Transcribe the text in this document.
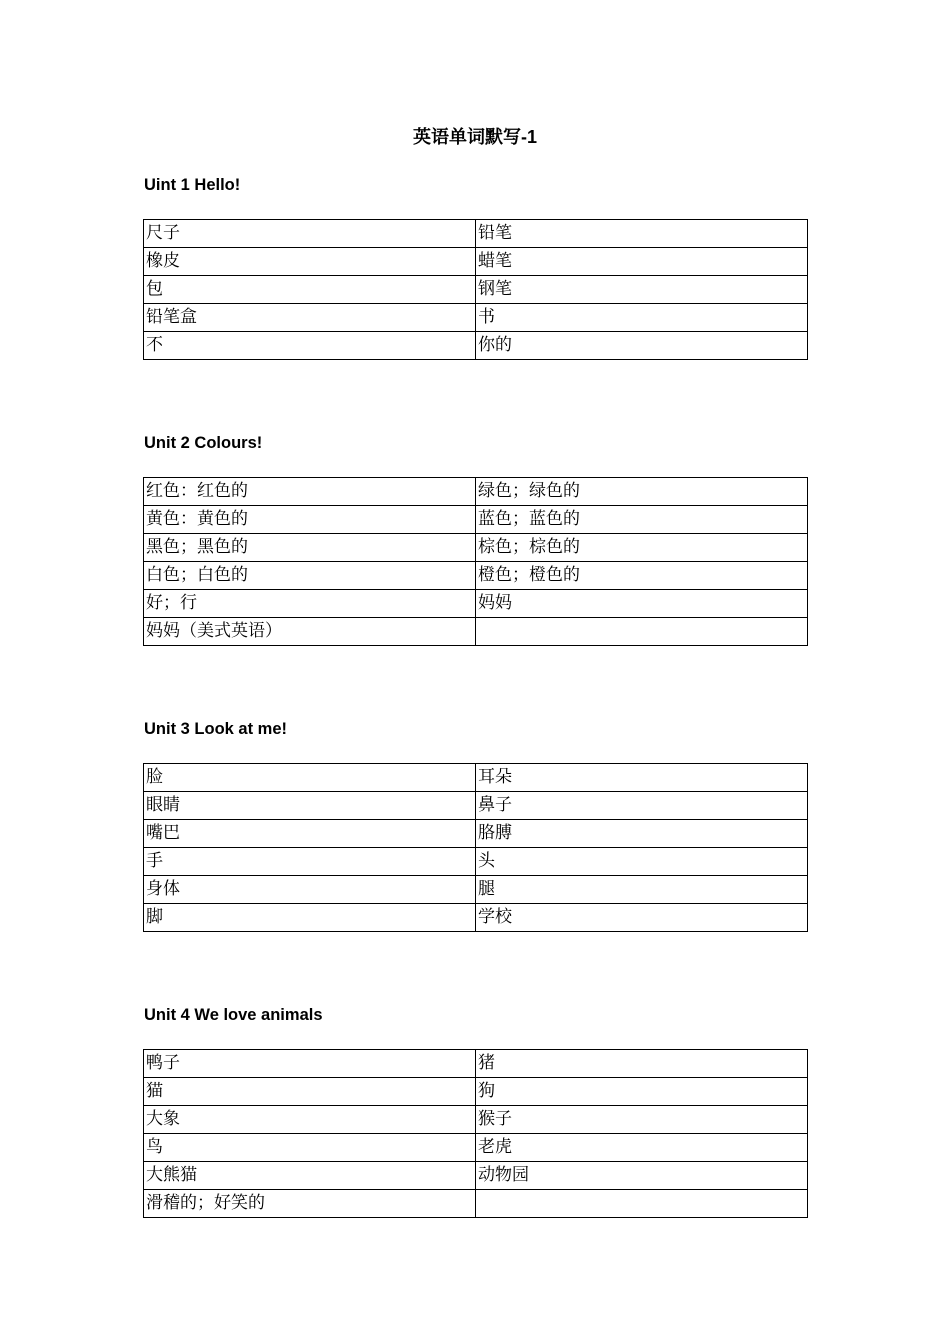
英语单词默写-1
Uint 1 Hello!
尺子	铅笔
橡皮	蜡笔
包	钢笔
铅笔盒	书
不	你的
Unit 2 Colours!
红色：红色的	绿色；绿色的
黄色：黄色的	蓝色；蓝色的
黑色；黑色的	棕色；棕色的
白色；白色的	橙色；橙色的
好；行	妈妈
妈妈（美式英语）	
Unit 3 Look at me!
脸	耳朵
眼睛	鼻子
嘴巴	胳膊
手	头
身体	腿
脚	学校
Unit 4 We love animals
鸭子	猪
猫	狗
大象	猴子
鸟	老虎
大熊猫	动物园
滑稽的；好笑的	
